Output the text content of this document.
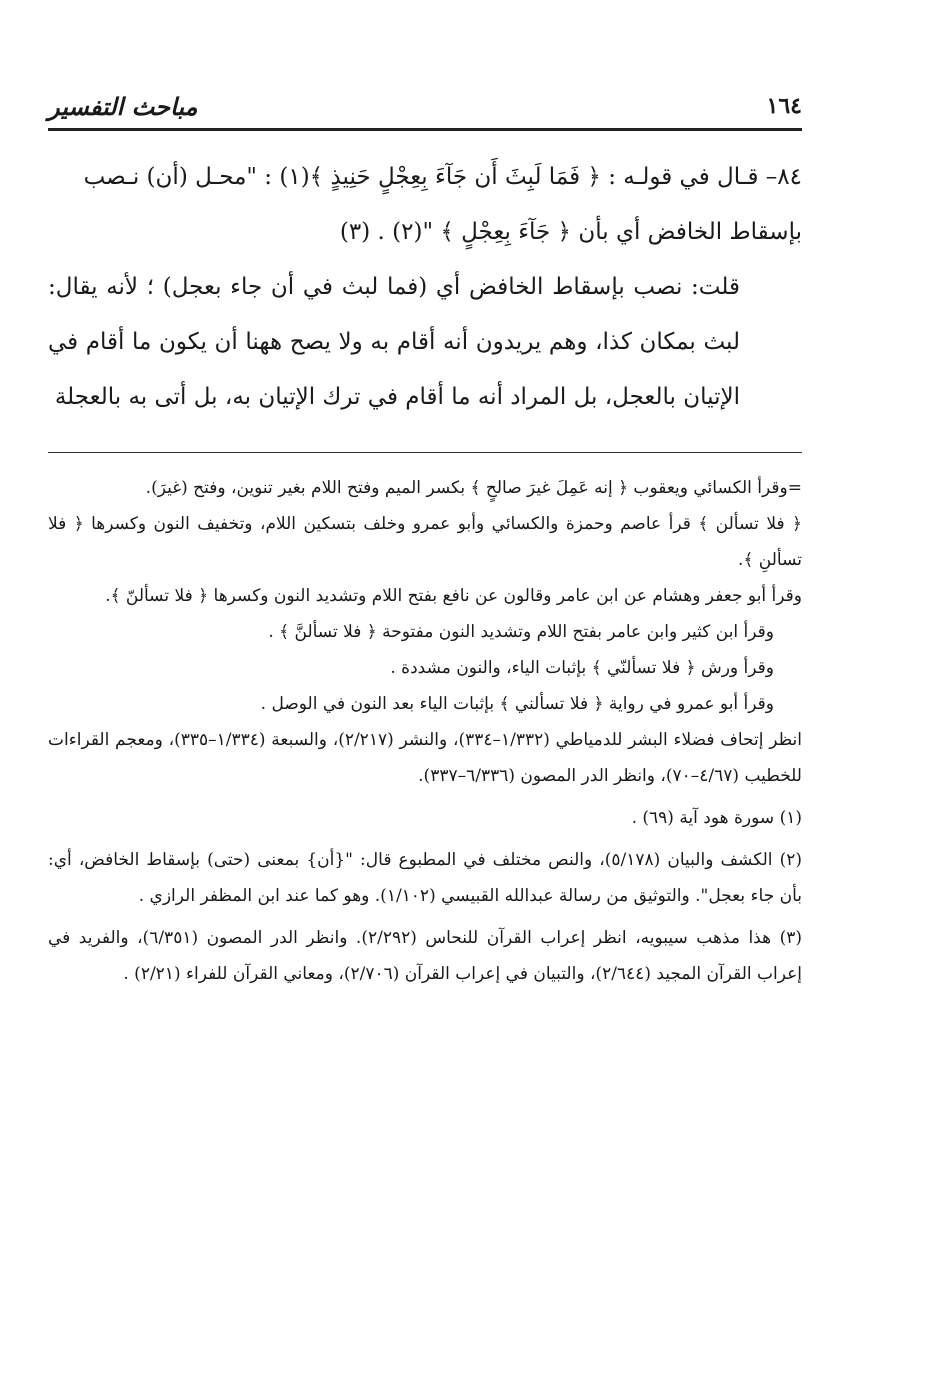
١٦٤
مباحث التفسير

٨٤– قـال في قولـه : ﴿ فَمَا لَبِثَ أَن جَآءَ بِعِجْلٍ حَنِيذٍ ﴾(١) : "محـل (أن) نـصب

بإسقاط الخافض أي بأن ﴿ جَآءَ بِعِجْلٍ ﴾ "(٢) . (٣)

قلت: نصب بإسقاط الخافض أي (فما لبث في أن جاء بعجل) ؛ لأنه يقال: لبث بمكان كذا، وهم يريدون أنه أقام به ولا يصح ههنا أن يكون ما أقام في الإتيان بالعجل، بل المراد أنه ما أقام في ترك الإتيان به، بل أتى به بالعجلة

=وقرأ الكسائي ويعقوب ﴿ إنه عَمِلَ غيرَ صالحٍ ﴾ بكسر الميم وفتح اللام بغير تنوين، وفتح (غيرَ).

﴿ فلا تسألن ﴾ قرأ عاصم وحمزة والكسائي وأبو عمرو وخلف بتسكين اللام، وتخفيف النون وكسرها ﴿ فلا تسألنِ ﴾.

وقرأ أبو جعفر وهشام عن ابن عامر وقالون عن نافع بفتح اللام وتشديد النون وكسرها ﴿ فلا تسألنّ ﴾.

وقرأ ابن كثير وابن عامر بفتح اللام وتشديد النون مفتوحة ﴿ فلا تسألنَّ ﴾ .

وقرأ ورش ﴿ فلا تسألنّي ﴾ بإثبات الياء، والنون مشددة .

وقرأ أبو عمرو في رواية ﴿ فلا تسألني ﴾ بإثبات الياء بعد النون في الوصل .

انظر إتحاف فضلاء البشر للدمياطي (١/٣٣٢–٣٣٤)، والنشر (٢/٢١٧)، والسبعة (١/٣٣٤–٣٣٥)، ومعجم القراءات للخطيب (٤/٦٧–٧٠)، وانظر الدر المصون (٦/٣٣٦–٣٣٧).

(١) سورة هود آية (٦٩) .

(٢) الكشف والبيان (٥/١٧٨)، والنص مختلف في المطبوع قال: "{أن} بمعنى (حتى) بإسقاط الخافض، أي: بأن جاء بعجل". والتوثيق من رسالة عبدالله القبيسي (١/١٠٢). وهو كما عند ابن المظفر الرازي .

(٣) هذا مذهب سيبويه، انظر إعراب القرآن للنحاس (٢/٢٩٢). وانظر الدر المصون (٦/٣٥١)، والفريد في إعراب القرآن المجيد (٢/٦٤٤)، والتبيان في إعراب القرآن (٢/٧٠٦)، ومعاني القرآن للفراء (٢/٢١) .
